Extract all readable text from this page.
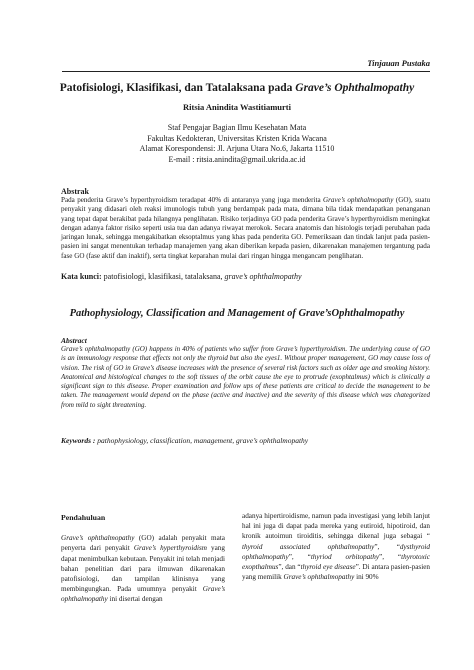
Tinjauan Pustaka
Patofisiologi, Klasifikasi, dan Tatalaksana pada Grave’s Ophthalmopathy
Ritsia Anindita Wastitiamurti
Staf Pengajar Bagian Ilmu Kesehatan Mata
Fakultas Kedokteran, Universitas Kristen Krida Wacana
Alamat Korespondensi: Jl. Arjuna Utara No.6, Jakarta 11510
E-mail : ritsia.anindita@gmail.ukrida.ac.id
Abstrak
Pada penderita Grave’s hyperthyroidism teradapat 40% di antaranya yang juga menderita Grave’s ophthalmopathy (GO), suatu penyakit yang didasari oleh reaksi imunologis tubuh yang berdampak pada mata, dimana bila tidak mendapatkan penanganan yang tepat dapat berakibat pada hilangnya penglihatan. Risiko terjadinya GO pada penderita Grave’s hyperthyroidism meningkat dengan adanya faktor risiko seperti usia tua dan adanya riwayat merokok. Secara anatomis dan histologis terjadi perubahan pada jaringan lunak, sehingga mengakibatkan eksoptalmus yang khas pada penderita GO. Pemeriksaan dan tindak lanjut pada pasien-pasien ini sangat menentukan terhadap manajemen yang akan diberikan kepada pasien, dikarenakan manajemen tergantung pada fase GO (fase aktif dan inaktif), serta tingkat keparahan mulai dari ringan hingga mengancam penglihatan.
Kata kunci: patofisiologi, klasifikasi, tatalaksana, grave’s ophthalmopathy
Pathophysiology, Classification and Management of Grave’sOphthalmopathy
Abstract
Grave’s ophthalmopathy (GO) happens in 40% of patients who suffer from Grave’s hyperthyroidism. The underlying cause of GO is an immunology response that effects not only the thyroid but also the eyes1. Without proper management, GO may cause loss of vision. The risk of GO in Grave’s disease increases with the presence of several risk factors such as older age and smoking history. Anatomical and histological changes to the soft tissues of the orbit cause the eye to protrude (exophtalmus) which is clinically a significant sign to this disease. Proper examination and follow ups of these patients are critical to decide the management to be taken. The management would depend on the phase (active and inactive) and the severity of this disease which was chategorized from mild to sight threatening.
Keywords : pathophysiology, classification, management, grave’s ophthalmopathy
Pendahuluan
Grave’s ophthalmopathy (GO) adalah penyakit mata penyerta dari penyakit Grave’s hyperthyroidism yang dapat menimbulkan kebutaan. Penyakit ini telah menjadi bahan penelitian dari para ilmuwan dikarenakan patofisiologi, dan tampilan klinisnya yang membingungkan. Pada umumnya penyakit Grave’s ophthalmopathy ini disertai dengan
adanya hipertiroidisme, namun pada investigasi yang lebih lanjut hal ini juga di dapat pada mereka yang eutiroid, hipotiroid, dan kronik autoimun tiroiditis, sehingga dikenal juga sebagai “ thyroid associated ophthalmopathy”, “dysthyroid ophthalmopathy”, “thyriod orbitopathy”, “thyrotoxic exopthalmus”, dan “thyroid eye disease”. Di antara pasien-pasien yang memilik Grave’s ophthalmopathy ini 90%
